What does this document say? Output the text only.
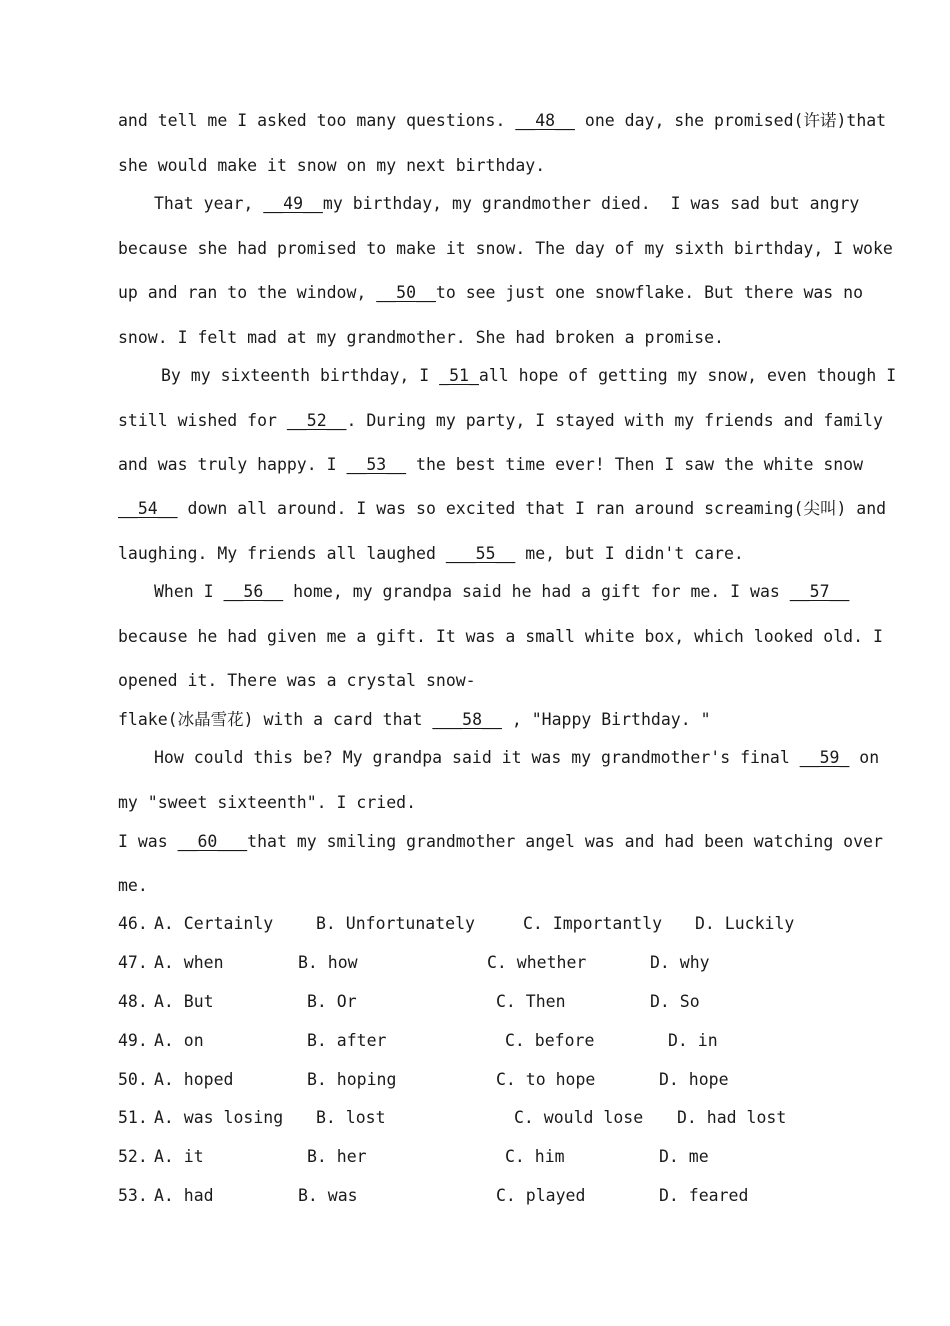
and tell me I asked too many questions. __48__ one day, she promised(许诺)that
she would make it snow on my next birthday.
That year, __49__my birthday, my grandmother died.  I was sad but angry
because she had promised to make it snow. The day of my sixth birthday, I woke
up and ran to the window, __50__to see just one snowflake. But there was no
snow. I felt mad at my grandmother. She had broken a promise.
By my sixteenth birthday, I _51_all hope of getting my snow, even though I
still wished for __52__. During my party, I stayed with my friends and family
and was truly happy. I __53__ the best time ever! Then I saw the white snow
__54__ down all around. I was so excited that I ran around screaming(尖叫) and
laughing. My friends all laughed ___55__ me, but I didn't care.
When I __56__ home, my grandpa said he had a gift for me. I was __57__
because he had given me a gift. It was a small white box, which looked old. I
opened it. There was a crystal snow-
flake(冰晶雪花) with a card that ___58__ , "Happy Birthday. "
How could this be? My grandpa said it was my grandmother's final __59_ on
my "sweet sixteenth". I cried.
I was __60___that my smiling grandmother angel was and had been watching over
me.

46.

A. Certainly

	B. Unfortunately

	C. Importantly

D. Luckily

47.

A. when

	B. how

	C. whether

	D. why

48.

A. But

	B. Or

	C. Then

	D. So

49.

A. on

	B. after

	C. before

	D. in

50.

A. hoped

	B. hoping

	C. to hope

	D. hope

51.

A. was losing

B. lost

	C. would lose

D. had lost

52.

A. it

	B. her

	C. him

	D. me

53.

A. had

	B. was

	C. played

	D. feared
